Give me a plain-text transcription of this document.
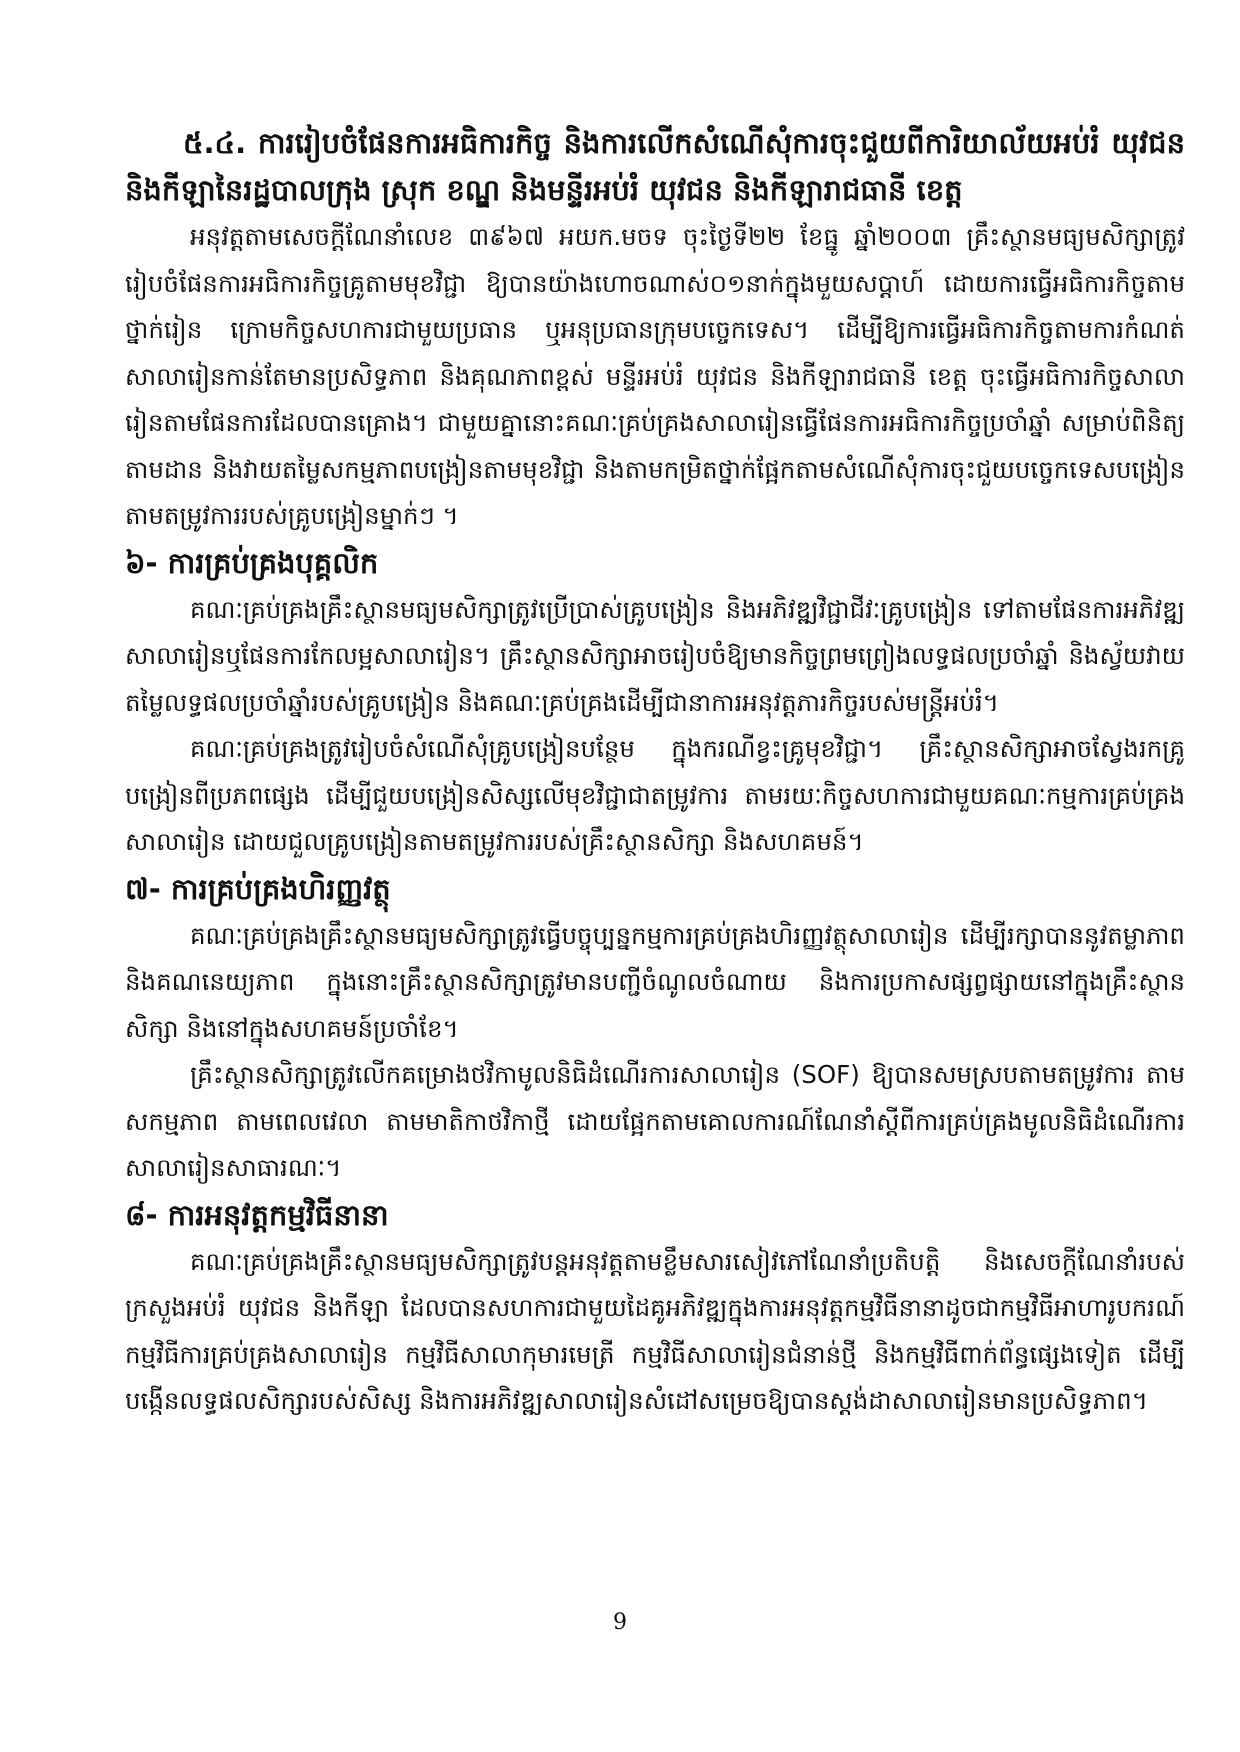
៥.៤. ការរៀបចំផែនការអធិការកិច្ច និងការលើកសំណើសុំការចុះជួយពីការិយាល័យអប់រំ យុវជន និងកីឡានៃរដ្ឋបាលក្រុង ស្រុក ខណ្ឌ និងមន្ទីរអប់រំ យុវជន និងកីឡារាជធានី ខេត្ត

អនុវត្តតាមសេចក្ដីណែនាំលេខ ៣៩៦៧ អយក.មចទ ចុះថ្ងៃទី២២ ខែធ្នូ ឆ្នាំ២០០៣ គ្រឹះស្ថានមធ្យមសិក្សាត្រូវរៀបចំផែនការអធិការកិច្ចគ្រូតាមមុខវិជ្ជា ឱ្យបានយ៉ាងហោចណាស់០១នាក់ក្នុងមួយសប្ដាហ៍ ដោយការធ្វើអធិការកិច្ចតាមថ្នាក់រៀន ក្រោមកិច្ចសហការជាមួយប្រធាន ឬអនុប្រធានក្រុមបច្ចេកទេស។ ដើម្បីឱ្យការធ្វើអធិការកិច្ចតាមការកំណត់សាលារៀនកាន់តែមានប្រសិទ្ធភាព និងគុណភាពខ្ពស់ មន្ទីរអប់រំ យុវជន និងកីឡារាជធានី ខេត្ត ចុះធ្វើអធិការកិច្ចសាលារៀនតាមផែនការដែលបានគ្រោង។ ជាមួយគ្នានោះគណៈគ្រប់គ្រងសាលារៀនធ្វើផែនការអធិការកិច្ចប្រចាំឆ្នាំ សម្រាប់ពិនិត្យតាមដាន និងវាយតម្លៃសកម្មភាពបង្រៀនតាមមុខវិជ្ជា និងតាមកម្រិតថ្នាក់ផ្អែកតាមសំណើសុំការចុះជួយបច្ចេកទេសបង្រៀនតាមតម្រូវការរបស់គ្រូបង្រៀនម្នាក់ៗ ។

៦- ការគ្រប់គ្រងបុគ្គលិក

គណៈគ្រប់គ្រងគ្រឹះស្ថានមធ្យមសិក្សាត្រូវប្រើប្រាស់គ្រូបង្រៀន និងអភិវឌ្ឍវិជ្ជាជីវៈគ្រូបង្រៀន ទៅតាមផែនការអភិវឌ្ឍសាលារៀនឬផែនការកែលម្អសាលារៀន។ គ្រឹះស្ថានសិក្សាអាចរៀបចំឱ្យមានកិច្ចព្រមព្រៀងលទ្ធផលប្រចាំឆ្នាំ និងស្វ័យវាយតម្លៃលទ្ធផលប្រចាំឆ្នាំរបស់គ្រូបង្រៀន និងគណៈគ្រប់គ្រងដើម្បីជានាការអនុវត្តភារកិច្ចរបស់មន្ត្រីអប់រំ។

គណៈគ្រប់គ្រងត្រូវរៀបចំសំណើសុំគ្រូបង្រៀនបន្ថែម ក្នុងករណីខ្វះគ្រូមុខវិជ្ជា។ គ្រឹះស្ថានសិក្សាអាចស្វែងរកគ្រូបង្រៀនពីប្រភពផ្សេង ដើម្បីជួយបង្រៀនសិស្សលើមុខវិជ្ជាជាតម្រូវការ តាមរយៈកិច្ចសហការជាមួយគណៈកម្មការគ្រប់គ្រងសាលារៀន ដោយជួលគ្រូបង្រៀនតាមតម្រូវការរបស់គ្រឹះស្ថានសិក្សា និងសហគមន៍។

៧- ការគ្រប់គ្រងហិរញ្ញវត្ថុ

គណៈគ្រប់គ្រងគ្រឹះស្ថានមធ្យមសិក្សាត្រូវធ្វើបច្ចុប្បន្នកម្មការគ្រប់គ្រងហិរញ្ញវត្ថុសាលារៀន ដើម្បីរក្សាបាននូវតម្លាភាព និងគណនេយ្យភាព ក្នុងនោះគ្រឹះស្ថានសិក្សាត្រូវមានបញ្ជីចំណូលចំណាយ និងការប្រកាសផ្សព្វផ្សាយនៅក្នុងគ្រឹះស្ថានសិក្សា និងនៅក្នុងសហគមន៍ប្រចាំខែ។

គ្រឹះស្ថានសិក្សាត្រូវលើកគម្រោងថវិកាមូលនិធិដំណើរការសាលារៀន (SOF) ឱ្យបានសមស្របតាមតម្រូវការ តាមសកម្មភាព តាមពេលវេលា តាមមាតិកាថវិកាថ្មី ដោយផ្អែកតាមគោលការណ៍ណែនាំស្ដីពីការគ្រប់គ្រងមូលនិធិដំណើរការសាលារៀនសាធារណៈ។

៨- ការអនុវត្តកម្មវិធីនានា

គណៈគ្រប់គ្រងគ្រឹះស្ថានមធ្យមសិក្សាត្រូវបន្តអនុវត្តតាមខ្លឹមសារសៀវភៅណែនាំប្រតិបត្តិ និងសេចក្ដីណែនាំរបស់ក្រសួងអប់រំ យុវជន និងកីឡា ដែលបានសហការជាមួយដៃគូអភិវឌ្ឍក្នុងការអនុវត្តកម្មវិធីនានាដូចជាកម្មវិធីអាហារូបករណ៍ កម្មវិធីការគ្រប់គ្រងសាលារៀន កម្មវិធីសាលាកុមារមេត្រី កម្មវិធីសាលារៀនជំនាន់ថ្មី និងកម្មវិធីពាក់ព័ន្ធផ្សេងទៀត ដើម្បីបង្កើនលទ្ធផលសិក្សារបស់សិស្ស និងការអភិវឌ្ឍសាលារៀនសំដៅសម្រេចឱ្យបានស្ដង់ដាសាលារៀនមានប្រសិទ្ធភាព។

9
